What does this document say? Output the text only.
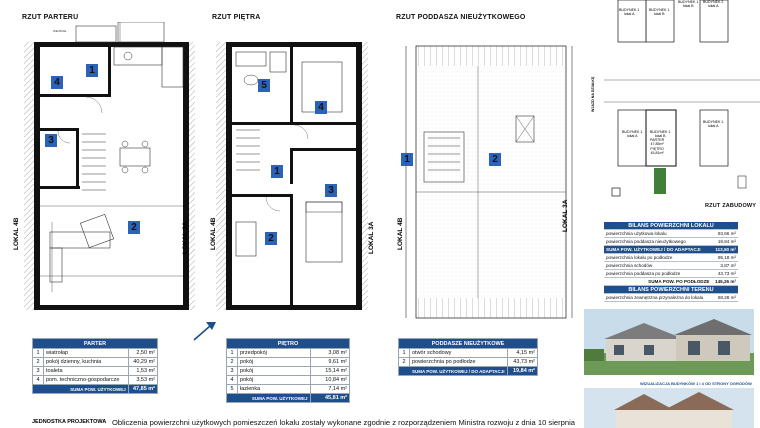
RZUT PARTERU	RZUT PIĘTRA	RZUT PODDASZA NIEUŻYTKOWEGO
RZUT ZABUDOWY
4
1
3
2
WEJŚCIE
LOKAL 4B	LOKAL 3A
5
4
1
3
2
LOKAL 4B	LOKAL 3A
1	2
LOKAL 4B
LOKAL 3A
BUDYNEK 1
lokal A
BUDYNEK 1
lokal B
BUDYNEK 2
lokal A
BUDYNEK 1
lokal A
BUDYNEK 1
lokal B
BUDYNEK 1
lokal A
BUDYNEK 1
lokal B
PARTER
47,85m²
PIĘTRO
45,81m²
WJAZD NA DZIAŁKĘ
BILANS POWIERZCHNI LOKALU	
powierzchnia użytkowa lokalu	93,66 m²
powierzchnia poddasza nieużytkowego	19,84 m²
SUMA POW. UŻYTKOWEJ / DO ADAPTACJI	113,50 m²
powierzchnia lokalu po podłodze	95,18 m²
powierzchnia schodów	3,87 m²
powierzchnia poddasza po podłodze	43,73 m²
SUMA POW. PO PODŁODZE	145,26 m²
BILANS POWIERZCHNI TERENU	
powierzchnia zewnętrzna przynależna do lokalu	68,28 m²
PARTER		
1	wiatrołap	2,50 m²
2	pokój dzienny, kuchnia	40,29 m²
3	toaleta	1,53 m²
4	pom. techniczno-gospodarcze	3,53 m²
SUMA POW. UŻYTKOWEJ		47,85 m²
PIĘTRO		
1	przedpokój	3,08 m²
2	pokój	9,61 m²
3	pokój	15,14 m²
4	pokój	10,84 m²
5	łazienka	7,14 m²
SUMA POW. UŻYTKOWEJ		45,81 m²
PODDASZE NIEUŻYTKOWE		
1	otwór schodowy	4,15 m²
2	powierzchnia po podłodze	43,73 m²
SUMA POW. UŻYTKOWEJ / DO ADAPTACJI		19,84 m²
WIZUALIZACJA BUDYNKÓW 1 i 4 OD STRONY OGRODÓW
JEDNOSTKA PROJEKTOWA Obliczenia powierzchni użytkowych pomieszczeń lokalu zostały wykonane zgodnie z rozporządzeniem Ministra rozwoju z dnia 10 sierpnia
